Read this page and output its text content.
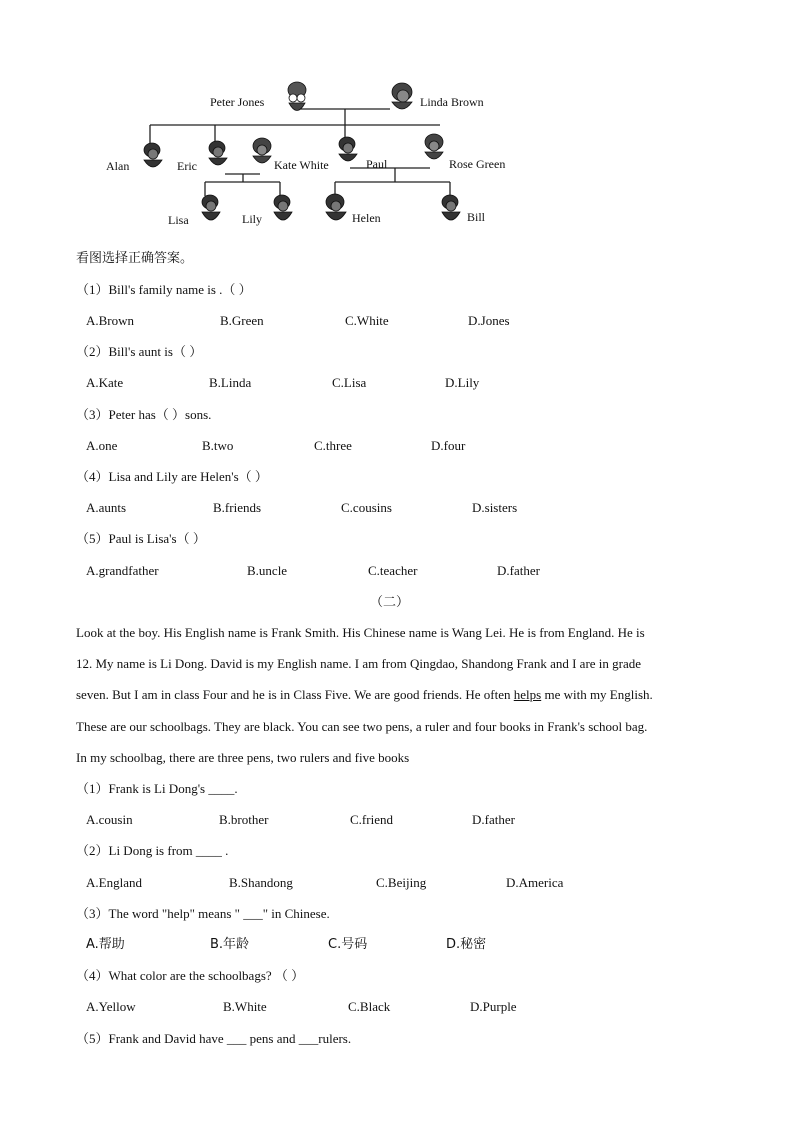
Peter Jones	Linda Brown
Alan	Eric	Kate White	Paul	Rose Green
Lisa	Lily	Helen	Bill
看图选择正确答案。
（1）Bill's family name is .（ ）
A.Brown	B.Green	C.White	D.Jones
（2）Bill's aunt is（ ）
A.Kate	B.Linda	C.Lisa	D.Lily
（3）Peter has（ ）sons.
A.one	B.two	C.three	D.four
（4）Lisa and Lily are Helen's（ ）
A.aunts	B.friends	C.cousins	D.sisters
（5）Paul is Lisa's（ ）
A.grandfather	B.uncle	C.teacher	D.father
（二）
Look at the boy. His English name is Frank Smith. His Chinese name is Wang Lei. He is from England. He is
12. My name is Li Dong. David is my English name. I am from Qingdao, Shandong Frank and I are in grade
seven. But I am in class Four and he is in Class Five. We are good friends. He often helps me with my English.
These are our schoolbags. They are black. You can see two pens, a ruler and four books in Frank's school bag.
In my schoolbag, there are three pens, two rulers and five books
（1）Frank is Li Dong's ____.
A.cousin	B.brother	C.friend	D.father
（2）Li Dong is from ____ .
A.England	B.Shandong	C.Beijing	D.America
（3）The word "help" means " ___" in Chinese.
A.帮助	B.年龄	C.号码	D.秘密
（4）What color are the schoolbags? （ ）
A.Yellow	B.White	C.Black	D.Purple
（5）Frank and David have ___ pens and ___rulers.
